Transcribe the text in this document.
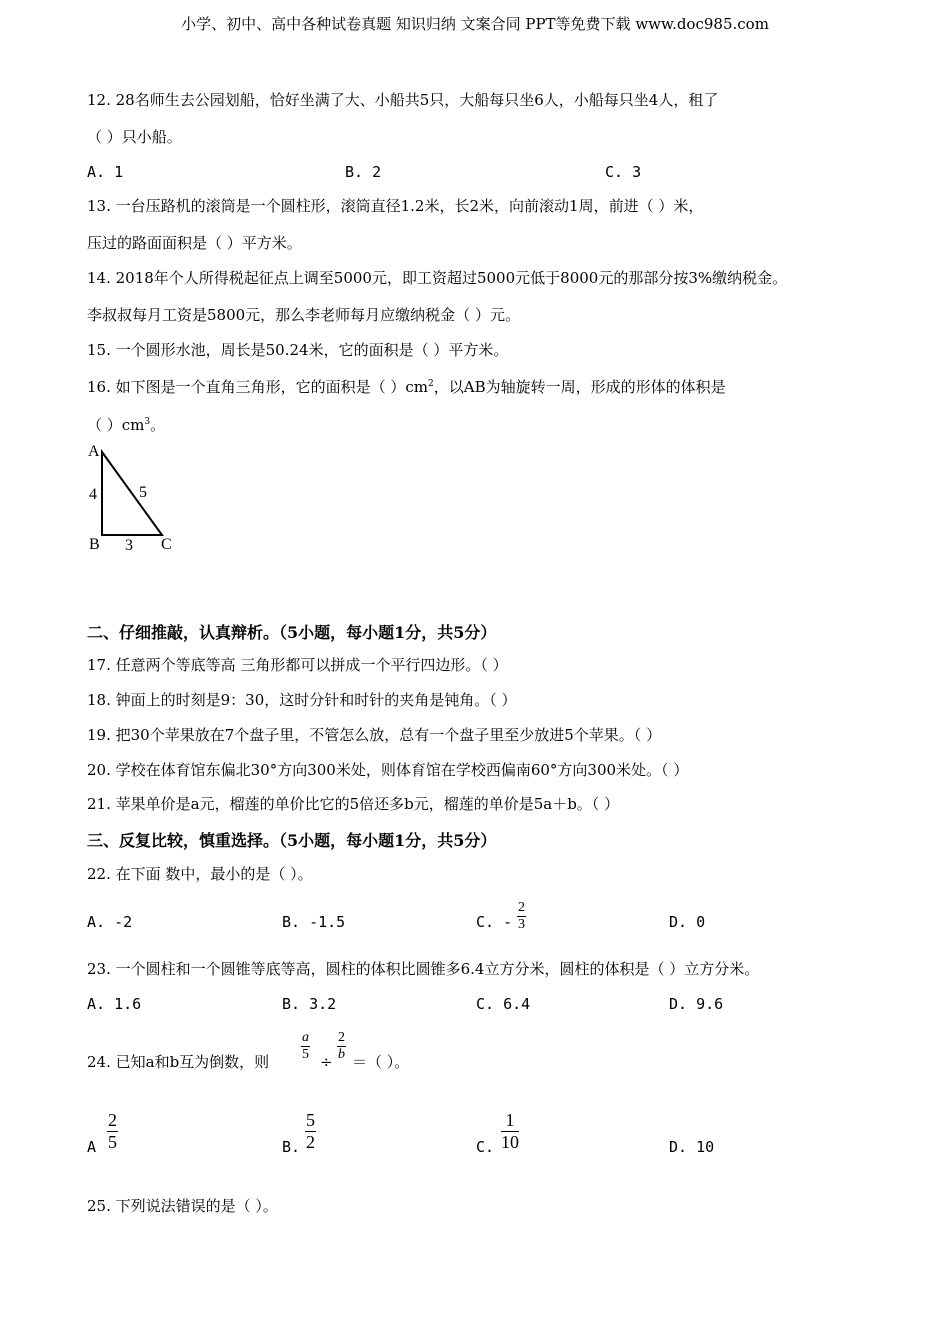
小学、初中、高中各种试卷真题 知识归纳 文案合同 PPT等免费下载 www.doc985.com
12. 28名师生去公园划船，恰好坐满了大、小船共5只，大船每只坐6人，小船每只坐4人，租了
（ ）只小船。
A. 1	B. 2	C. 3
13. 一台压路机的滚筒是一个圆柱形，滚筒直径1.2米，长2米，向前滚动1周，前进（ ）米，
压过的路面面积是（ ）平方米。
14. 2018年个人所得税起征点上调至5000元，即工资超过5000元低于8000元的那部分按3%缴纳税金。
李叔叔每月工资是5800元，那么李老师每月应缴纳税金（ ）元。
15. 一个圆形水池，周长是50.24米，它的面积是（ ）平方米。
16. 如下图是一个直角三角形，它的面积是（ ）$cm^2$，以AB为轴旋转一周，形成的形体的体积是
（ ）$cm^3$。
A
B	C
4
3
5
二、仔细推敲，认真辩析。（5小题，每小题1分，共5分）
17. 任意两个等底等高 三角形都可以拼成一个平行四边形。（ ）
18. 钟面上的时刻是9：30，这时分针和时针的夹角是钝角。（ ）
19. 把30个苹果放在7个盘子里，不管怎么放，总有一个盘子里至少放进5个苹果。（ ）
20. 学校在体育馆东偏北30°方向300米处，则体育馆在学校西偏南60°方向300米处。（ ）
21. 苹果单价是a元，榴莲的单价比它的5倍还多b元，榴莲的单价是5a＋b。（ ）
三、反复比较，慎重选择。（5小题，每小题1分，共5分）
22. 在下面 数中，最小的是（ ）。
A. -2	B. -1.5	C. - $\frac{2}{3}$	D. 0
23. 一个圆柱和一个圆锥等底等高，圆柱的体积比圆锥多6.4立方分米，圆柱的体积是（ ）立方分米。
A. 1.6	B. 3.2	C. 6.4	D. 9.6
24. 已知a和b互为倒数，则 $\frac{a}{5} \div \frac{2}{b}$ ＝（ ）。
A $\frac{2}{5}$	B. $\frac{5}{2}$	C. $\frac{1}{10}$	D. 10
25. 下列说法错误的是（ ）。
